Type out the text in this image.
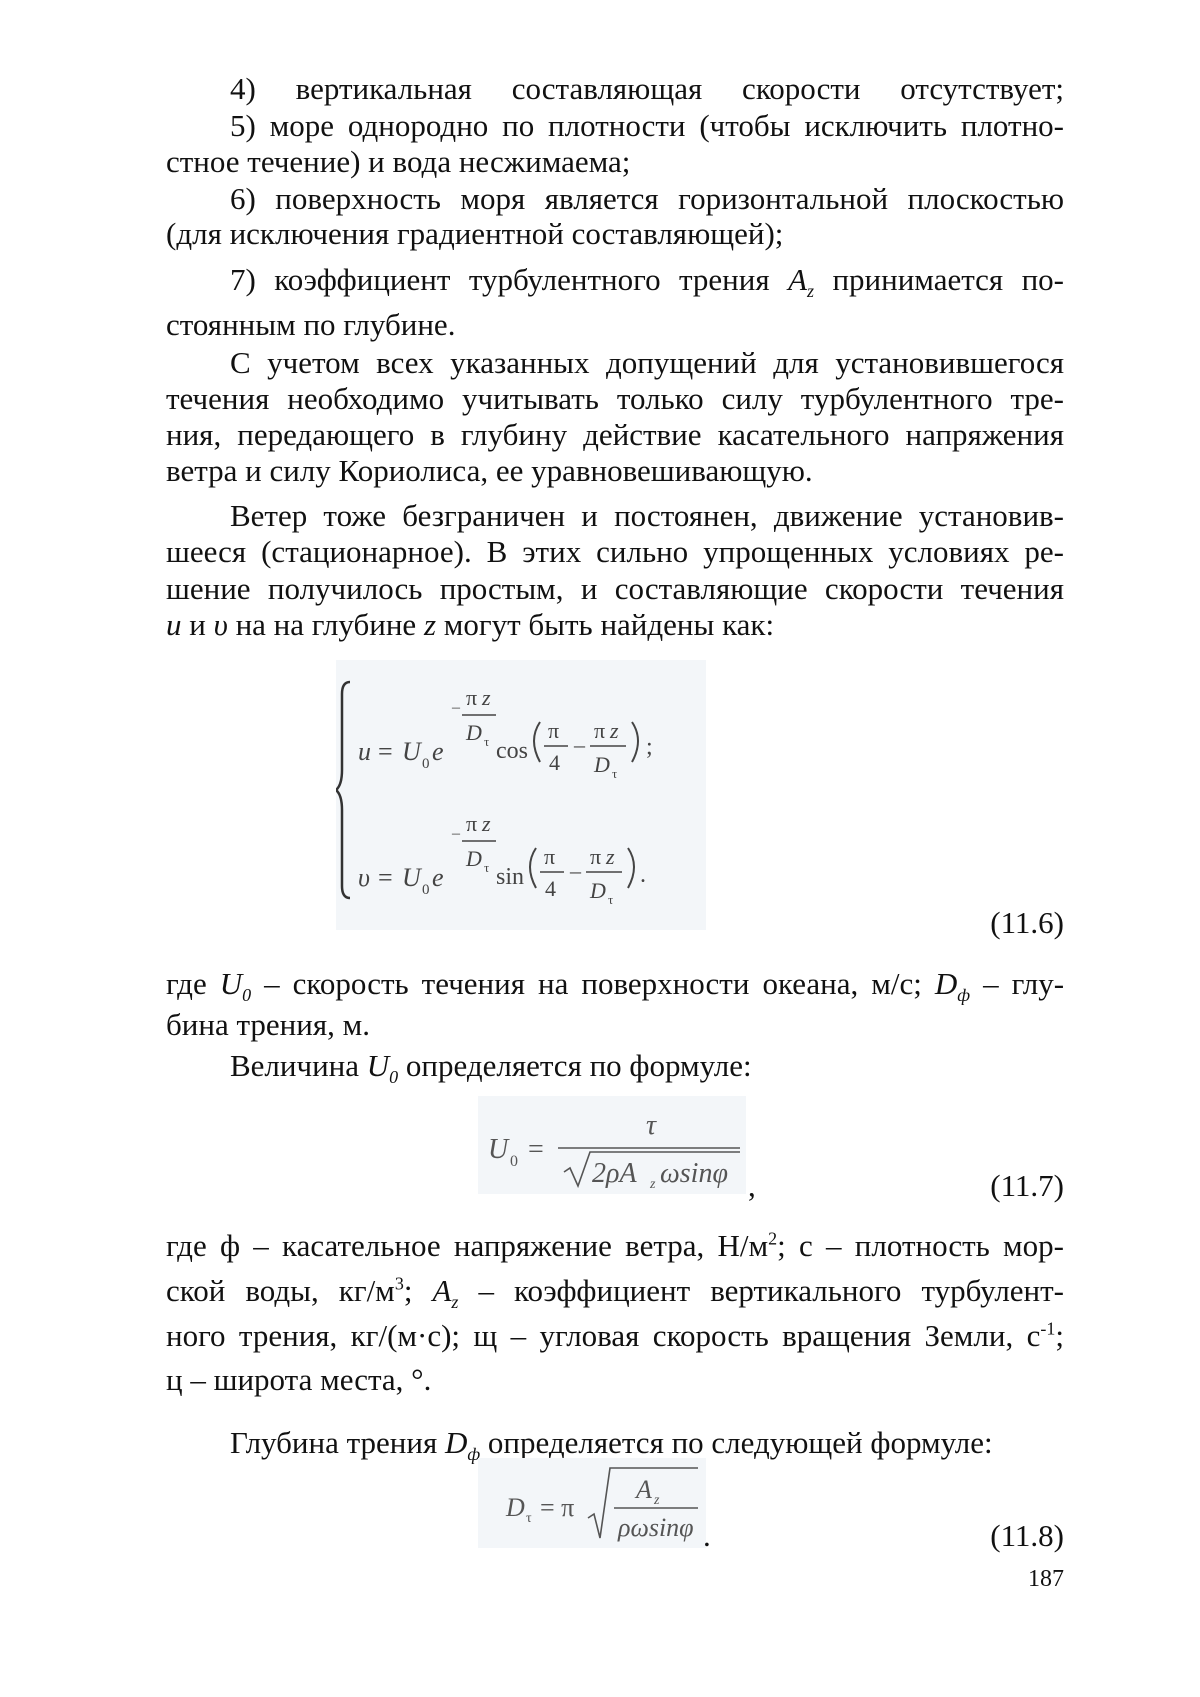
4) вертикальная составляющая скорости отсутствует;
5) море однородно по плотности (чтобы исключить плотно-
стное течение) и вода несжимаема;
6) поверхность моря является горизонтальной плоскостью
(для исключения градиентной составляющей);
7) коэффициент турбулентного трения Az принимается по-
стоянным по глубине.
С учетом всех указанных допущений для установившегося
течения необходимо учитывать только силу турбулентного тре-
ния, передающего в глубину действие касательного напряжения
ветра и силу Кориолиса, ее уравновешивающую.
Ветер тоже безграничен и постоянен, движение установив-
шееся (стационарное). В этих сильно упрощенных условиях ре-
шение получилось простым, и составляющие скорости течения
u и υ на на глубине z могут быть найдены как:
u = U 0 e
– π z
D τ cos
π
4
–
π z
D τ
;
υ = U 0 e
– π z
D τ sin
π
4
–
π z
D τ
.
(11.6)
где U0 – скорость течения на поверхности океана, м/с; Dф – глу-
бина трения, м.
Величина U0 определяется по формуле:
U 0 =
τ
2ρA z ωsinφ ,	(11.7)
где ф – касательное напряжение ветра, Н/м2; с – плотность мор-
ской воды, кг/м3; Az – коэффициент вертикального турбулент-
ного трения, кг/(м·с); щ – угловая скорость вращения Земли, с-1;
ц – широта места, °.
Глубина трения Dф определяется по следующей формуле:
D τ = π
A z
ρωsinφ .	(11.8)
187
